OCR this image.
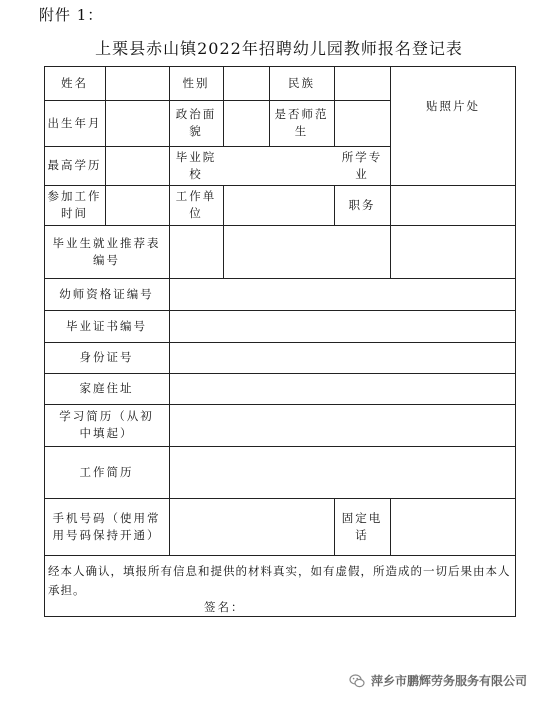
附件 1：
上栗县赤山镇2022年招聘幼儿园教师报名登记表
姓名	性别	民族
贴照片处
出生年月
政治面貌
是否师范生
最高学历
毕业院校
所学专业
参加工作时间
工作单位
职务
毕业生就业推荐表编号
幼师资格证编号
毕业证书编号
身份证号
家庭住址
学习简历（从初中填起）
工作简历
手机号码（使用常用号码保持开通）
固定电话
经本人确认，填报所有信息和提供的材料真实，如有虚假，所造成的一切后果由本人承担。
签名：
萍乡市鹏辉劳务服务有限公司
